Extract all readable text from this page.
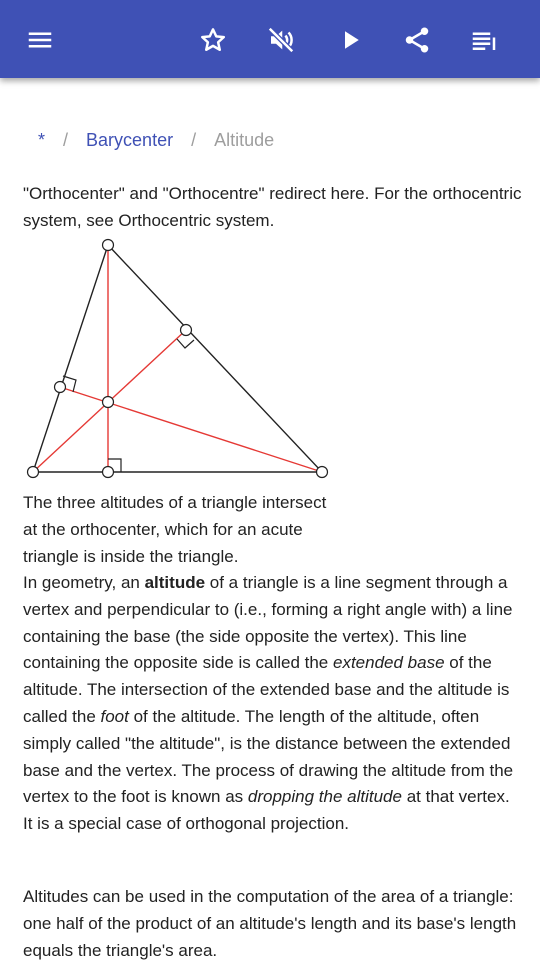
* / Barycenter / Altitude
"Orthocenter" and "Orthocentre" redirect here. For the orthocentric system, see Orthocentric system.
The three altitudes of a triangle intersect at the orthocenter, which for an acute triangle is inside the triangle.
In geometry, an altitude of a triangle is a line segment through a vertex and perpendicular to (i.e., forming a right angle with) a line containing the base (the side opposite the vertex). This line containing the opposite side is called the extended base of the altitude. The intersection of the extended base and the altitude is called the foot of the altitude. The length of the altitude, often simply called "the altitude", is the distance between the extended base and the vertex. The process of drawing the altitude from the vertex to the foot is known as dropping the altitude at that vertex. It is a special case of orthogonal projection.
Altitudes can be used in the computation of the area of a triangle: one half of the product of an altitude's length and its base's length equals the triangle's area.
